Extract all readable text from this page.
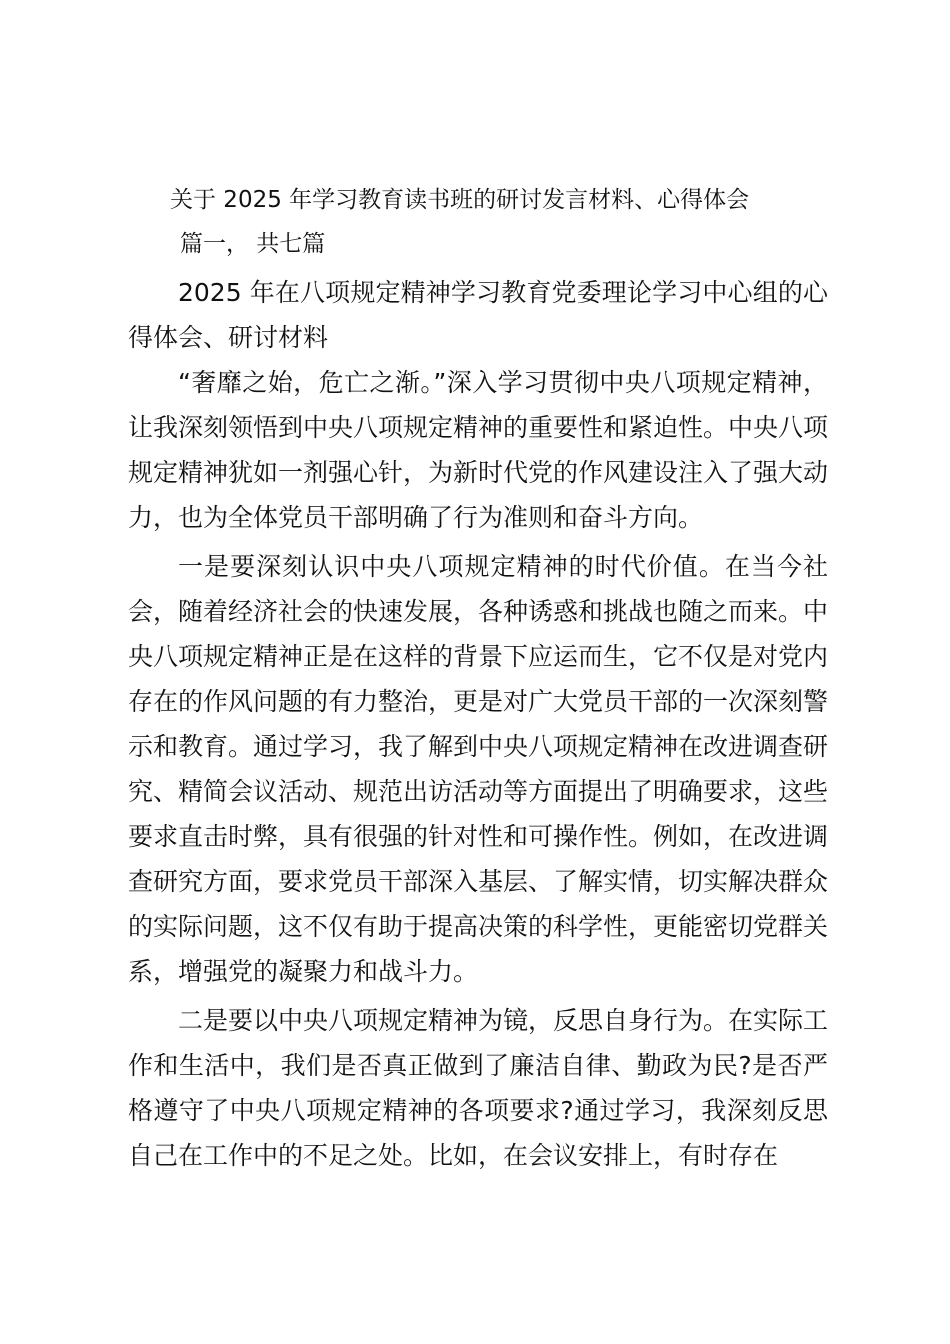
关于 2025 年学习教育读书班的研讨发言材料、心得体会
篇一， 共七篇

2025 年在八项规定精神学习教育党委理论学习中心组的心得体会、研讨材料

“奢靡之始，危亡之渐。”深入学习贯彻中央八项规定精神，让我深刻领悟到中央八项规定精神的重要性和紧迫性。中央八项规定精神犹如一剂强心针，为新时代党的作风建设注入了强大动力，也为全体党员干部明确了行为准则和奋斗方向。

一是要深刻认识中央八项规定精神的时代价值。在当今社会，随着经济社会的快速发展，各种诱惑和挑战也随之而来。中央八项规定精神正是在这样的背景下应运而生，它不仅是对党内存在的作风问题的有力整治，更是对广大党员干部的一次深刻警示和教育。通过学习，我了解到中央八项规定精神在改进调查研究、精简会议活动、规范出访活动等方面提出了明确要求，这些要求直击时弊，具有很强的针对性和可操作性。例如，在改进调查研究方面，要求党员干部深入基层、了解实情，切实解决群众的实际问题，这不仅有助于提高决策的科学性，更能密切党群关系，增强党的凝聚力和战斗力。

二是要以中央八项规定精神为镜，反思自身行为。在实际工作和生活中，我们是否真正做到了廉洁自律、勤政为民?是否严格遵守了中央八项规定精神的各项要求?通过学习，我深刻反思自己在工作中的不足之处。比如，在会议安排上，有时存在
